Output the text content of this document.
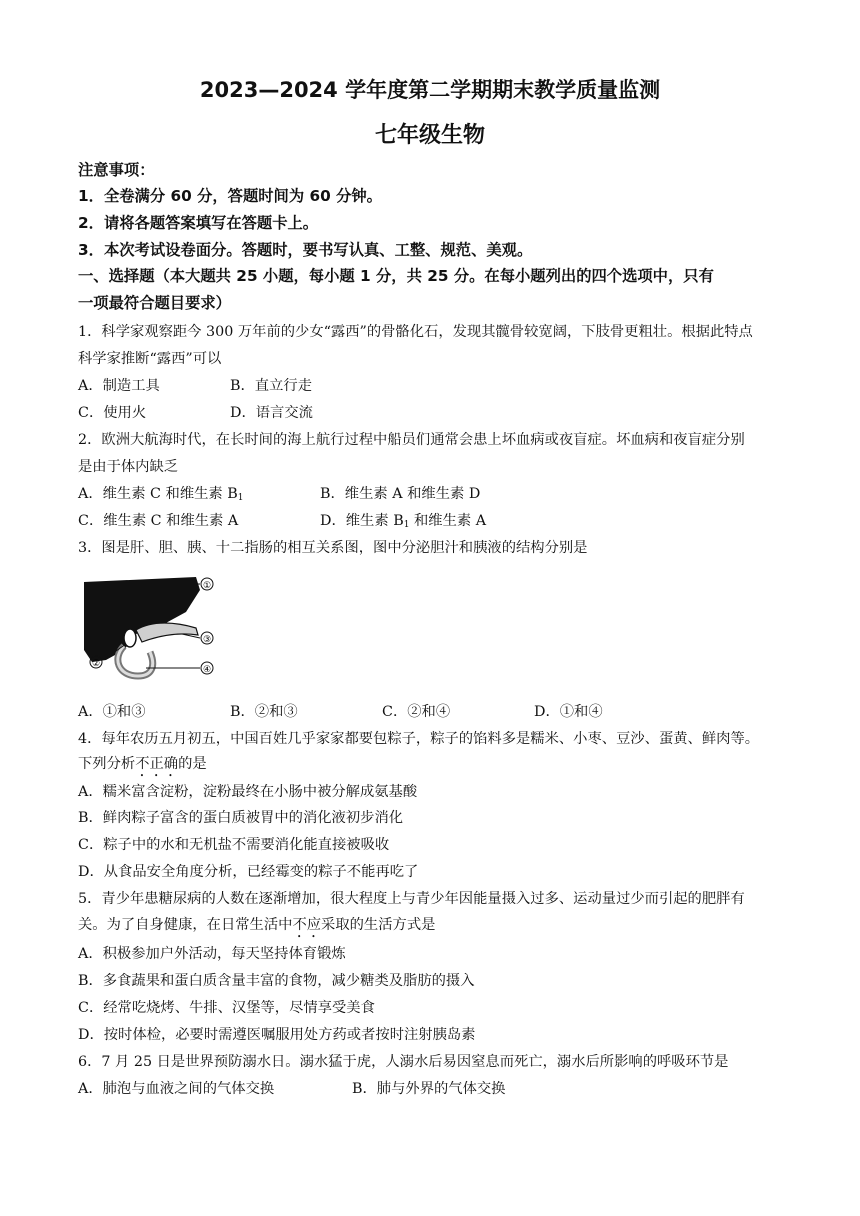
2023—2024 学年度第二学期期末教学质量监测
七年级生物
注意事项：
1．全卷满分 60 分，答题时间为 60 分钟。
2．请将各题答案填写在答题卡上。
3．本次考试设卷面分。答题时，要书写认真、工整、规范、美观。
一、选择题（本大题共 25 小题，每小题 1 分，共 25 分。在每小题列出的四个选项中，只有
一项最符合题目要求）
1．科学家观察距今 300 万年前的少女“露西”的骨骼化石，发现其髋骨较宽阔，下肢骨更粗壮。根据此特点
科学家推断“露西”可以
A．制造工具	B．直立行走
C．使用火	D．语言交流
2．欧洲大航海时代，在长时间的海上航行过程中船员们通常会患上坏血病或夜盲症。坏血病和夜盲症分别
是由于体内缺乏
A．维生素 C 和维生素 $B_1$	B．维生素 A 和维生素 D
C．维生素 C 和维生素 A	D．维生素 $B_1$ 和维生素 A
3．图是肝、胆、胰、十二指肠的相互关系图，图中分泌胆汁和胰液的结构分别是
①
③
④
②
A．①和③	B．②和③	C．②和④	D．①和④
4．每年农历五月初五，中国百姓几乎家家都要包粽子，粽子的馅料多是糯米、小枣、豆沙、蛋黄、鲜肉等。
下列分析不正确的是
A．糯米富含淀粉，淀粉最终在小肠中被分解成氨基酸
B．鲜肉粽子富含的蛋白质被胃中的消化液初步消化
C．粽子中的水和无机盐不需要消化能直接被吸收
D．从食品安全角度分析，已经霉变的粽子不能再吃了
5．青少年患糖尿病的人数在逐渐增加，很大程度上与青少年因能量摄入过多、运动量过少而引起的肥胖有
关。为了自身健康，在日常生活中不应采取的生活方式是
A．积极参加户外活动，每天坚持体育锻炼
B．多食蔬果和蛋白质含量丰富的食物，减少糖类及脂肪的摄入
C．经常吃烧烤、牛排、汉堡等，尽情享受美食
D．按时体检，必要时需遵医嘱服用处方药或者按时注射胰岛素
6．7 月 25 日是世界预防溺水日。溺水猛于虎，人溺水后易因窒息而死亡，溺水后所影响的呼吸环节是
A．肺泡与血液之间的气体交换	B．肺与外界的气体交换
